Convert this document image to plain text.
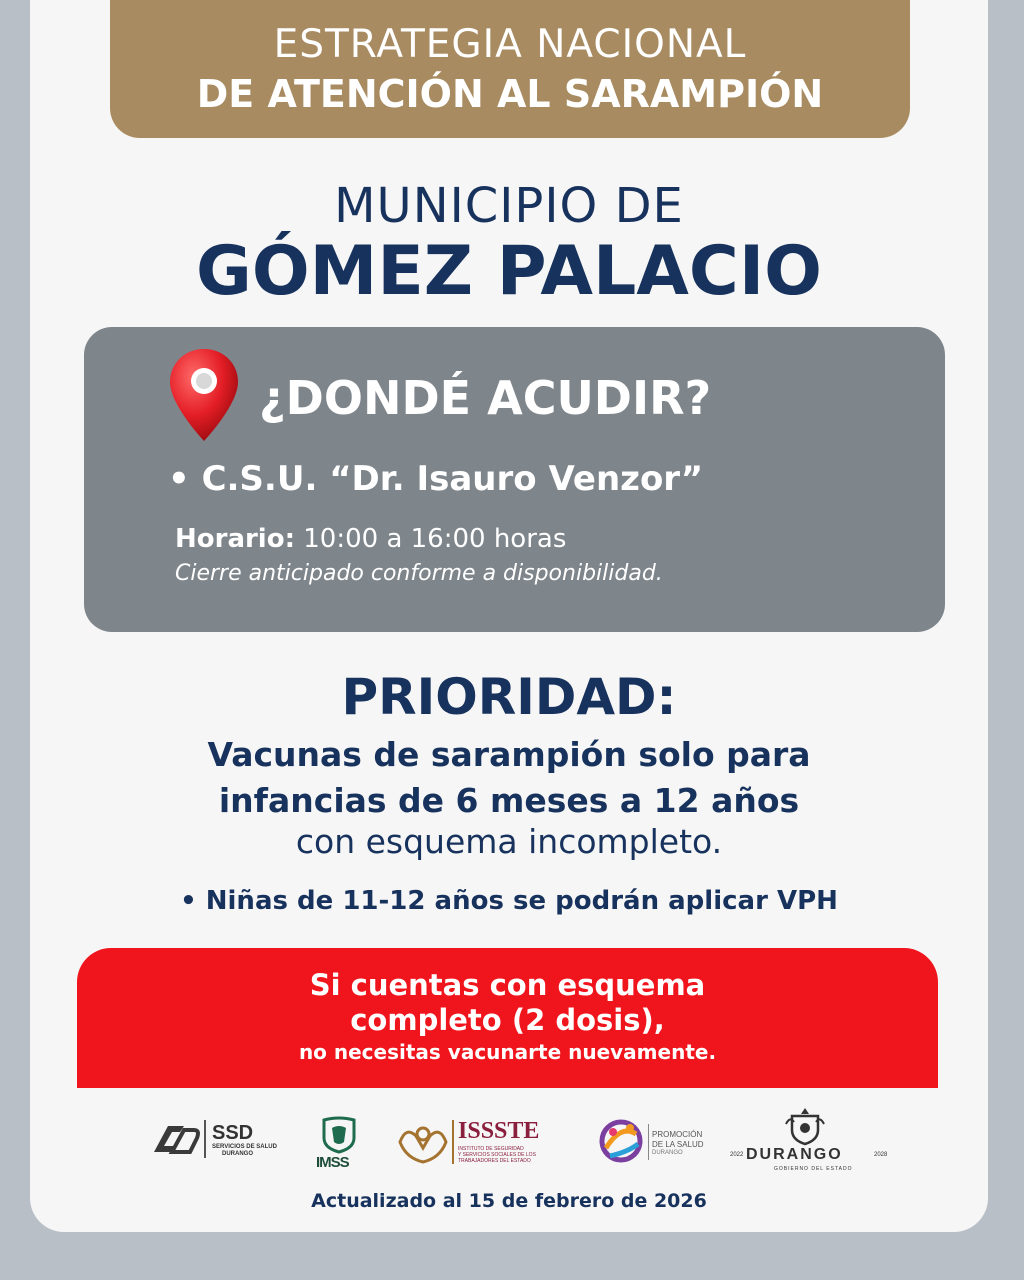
ESTRATEGIA NACIONAL
DE ATENCIÓN AL SARAMPIÓN
MUNICIPIO DE
GÓMEZ PALACIO
¿DONDÉ ACUDIR?
• C.S.U. “Dr. Isauro Venzor”
Horario: 10:00 a 16:00 horas
Cierre anticipado conforme a disponibilidad.
PRIORIDAD:
Vacunas de sarampión solo para
infancias de 6 meses a 12 años
con esquema incompleto.
• Niñas de 11-12 años se podrán aplicar VPH
Si cuentas con esquema
completo (2 dosis),
no necesitas vacunarte nuevamente.
SSD
SERVICIOS DE SALUD
DURANGO	IMSS
ISSSTE
INSTITUTO DE SEGURIDAD
Y SERVICIOS SOCIALES DE LOS
TRABAJADORES DEL ESTADO
PROMOCIÓN
DE LA SALUD
DURANGO	2022 DURANGO	2028
GOBIERNO DEL ESTADO
Actualizado al 15 de febrero de 2026
